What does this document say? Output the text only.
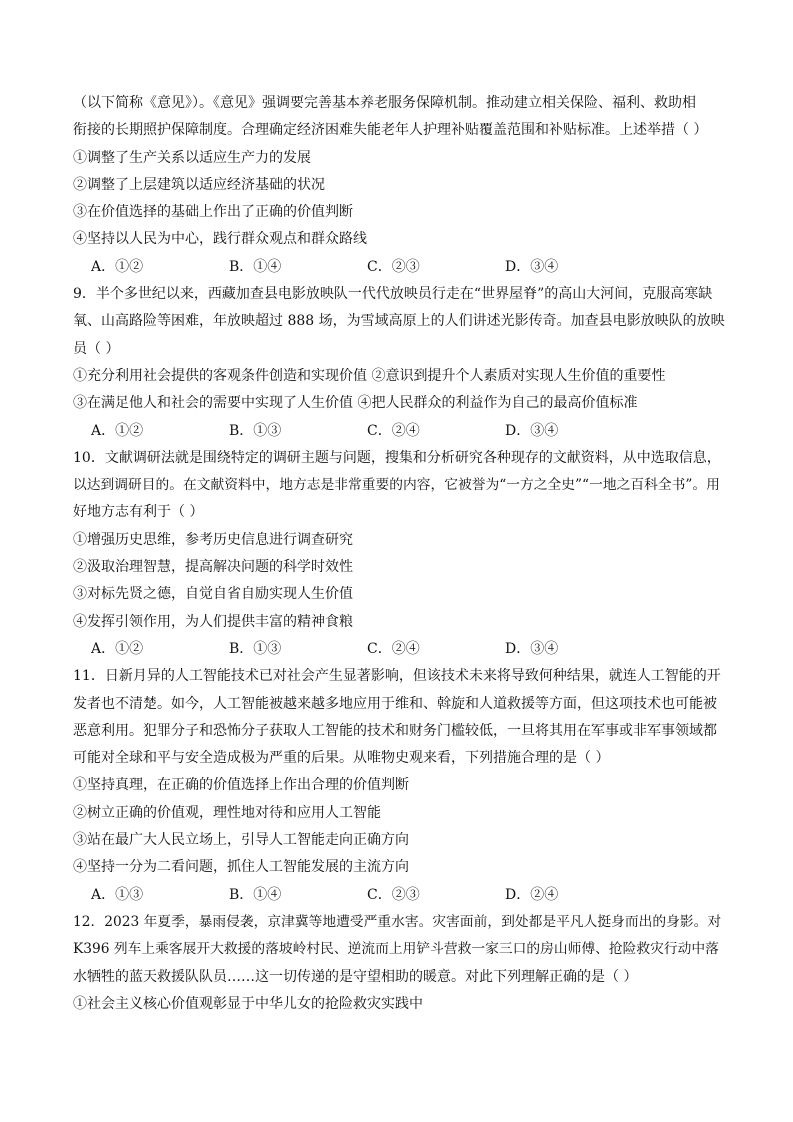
（以下简称《意见》）。《意见》强调要完善基本养老服务保障机制。推动建立相关保险、福利、救助相
衔接的长期照护保障制度。合理确定经济困难失能老年人护理补贴覆盖范围和补贴标准。上述举措（ ）
①调整了生产关系以适应生产力的发展
②调整了上层建筑以适应经济基础的状况
③在价值选择的基础上作出了正确的价值判断
④坚持以人民为中心，践行群众观点和群众路线
A．①②	B．①④	C．②③	D．③④
9．半个多世纪以来，西藏加查县电影放映队一代代放映员行走在“世界屋脊”的高山大河间，克服高寒缺
氧、山高路险等困难，年放映超过 888 场，为雪域高原上的人们讲述光影传奇。加查县电影放映队的放映
员（ ）
①充分利用社会提供的客观条件创造和实现价值 ②意识到提升个人素质对实现人生价值的重要性
③在满足他人和社会的需要中实现了人生价值 ④把人民群众的利益作为自己的最高价值标准
A．①②	B．①③	C．②④	D．③④
10．文献调研法就是围绕特定的调研主题与问题，搜集和分析研究各种现存的文献资料，从中选取信息，
以达到调研目的。在文献资料中，地方志是非常重要的内容，它被誉为“一方之全史”“一地之百科全书”。用
好地方志有利于（ ）
①增强历史思维，参考历史信息进行调查研究
②汲取治理智慧，提高解决问题的科学时效性
③对标先贤之德，自觉自省自励实现人生价值
④发挥引领作用，为人们提供丰富的精神食粮
A．①②	B．①③	C．②④	D．③④
11．日新月异的人工智能技术已对社会产生显著影响，但该技术未来将导致何种结果，就连人工智能的开
发者也不清楚。如今，人工智能被越来越多地应用于维和、斡旋和人道救援等方面，但这项技术也可能被
恶意利用。犯罪分子和恐怖分子获取人工智能的技术和财务门槛较低，一旦将其用在军事或非军事领域都
可能对全球和平与安全造成极为严重的后果。从唯物史观来看，下列措施合理的是（ ）
①坚持真理，在正确的价值选择上作出合理的价值判断
②树立正确的价值观，理性地对待和应用人工智能
③站在最广大人民立场上，引导人工智能走向正确方向
④坚持一分为二看问题，抓住人工智能发展的主流方向
A．①③	B．①④	C．②③	D．②④
12．2023 年夏季，暴雨侵袭，京津冀等地遭受严重水害。灾害面前，到处都是平凡人挺身而出的身影。对
K396 列车上乘客展开大救援的落坡岭村民、逆流而上用铲斗营救一家三口的房山师傅、抢险救灾行动中落
水牺牲的蓝天救援队队员……这一切传递的是守望相助的暖意。对此下列理解正确的是（ ）
①社会主义核心价值观彰显于中华儿女的抢险救灾实践中
